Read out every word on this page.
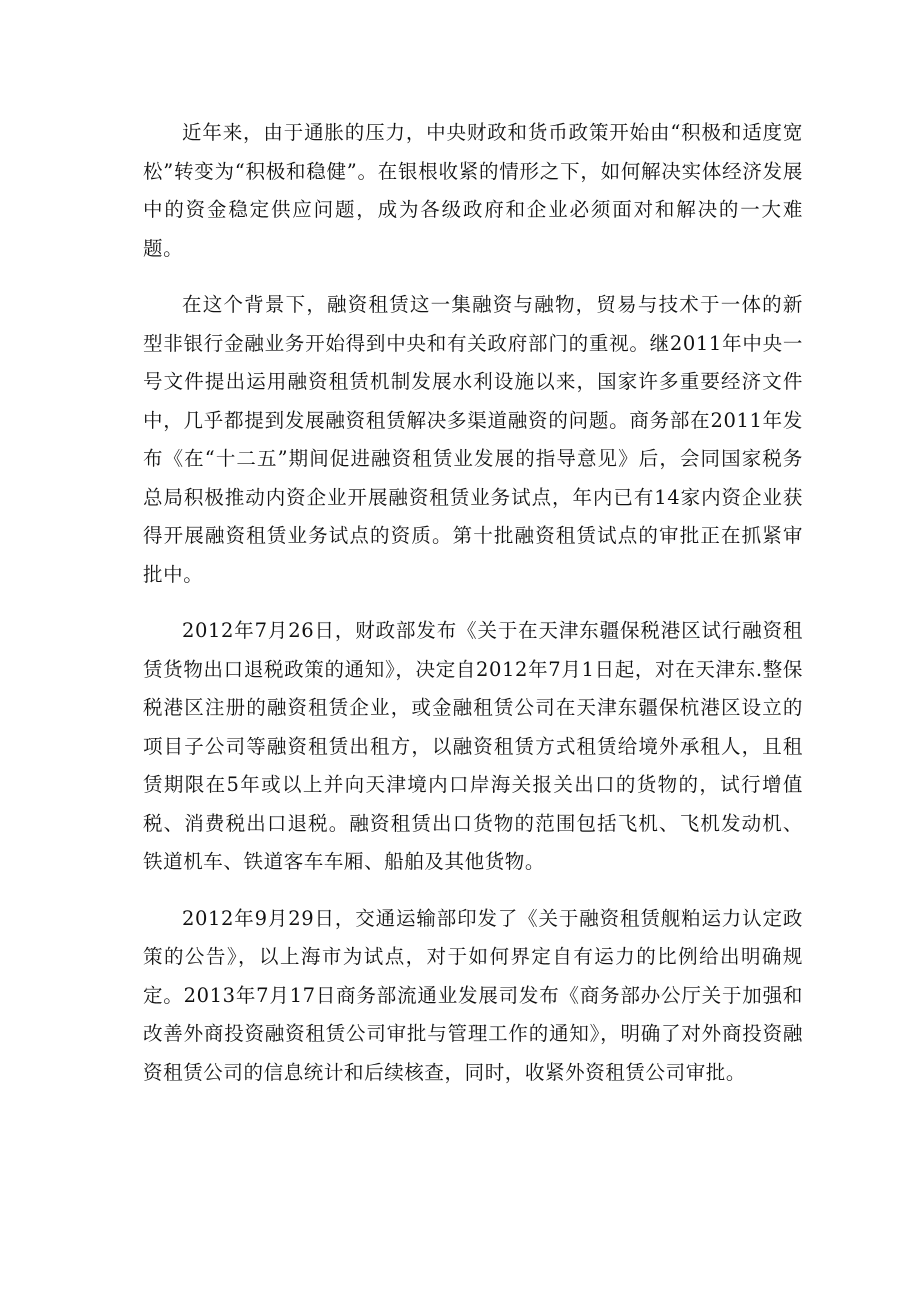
近年来，由于通胀的压力，中央财政和货币政策开始由“积极和适度宽松”转变为“积极和稳健”。在银根收紧的情形之下，如何解决实体经济发展中的资金稳定供应问题，成为各级政府和企业必须面对和解决的一大难题。

在这个背景下，融资租赁这一集融资与融物，贸易与技术于一体的新型非银行金融业务开始得到中央和有关政府部门的重视。继2011年中央一号文件提出运用融资租赁机制发展水利设施以来，国家许多重要经济文件中，几乎都提到发展融资租赁解决多渠道融资的问题。商务部在2011年发布《在“十二五”期间促进融资租赁业发展的指导意见》后，会同国家税务总局积极推动内资企业开展融资租赁业务试点，年内已有14家内资企业获得开展融资租赁业务试点的资质。第十批融资租赁试点的审批正在抓紧审批中。

2012年7月26日，财政部发布《关于在天津东疆保税港区试行融资租赁货物出口退税政策的通知》，决定自2012年7月1日起，对在天津东.整保税港区注册的融资租赁企业，或金融租赁公司在天津东疆保杭港区设立的项目子公司等融资租赁出租方，以融资租赁方式租赁给境外承租人，且租赁期限在5年或以上并向天津境内口岸海关报关出口的货物的，试行增值税、消费税出口退税。融资租赁出口货物的范围包括飞机、飞机发动机、铁道机车、铁道客车车厢、船舶及其他货物。

2012年9月29日，交通运输部印发了《关于融资租赁舰粕运力认定政策的公告》，以上海市为试点，对于如何界定自有运力的比例给出明确规定。2013年7月17日商务部流通业发展司发布《商务部办公厅关于加强和改善外商投资融资租赁公司审批与管理工作的通知》，明确了对外商投资融资租赁公司的信息统计和后续核查，同时，收紧外资租赁公司审批。
